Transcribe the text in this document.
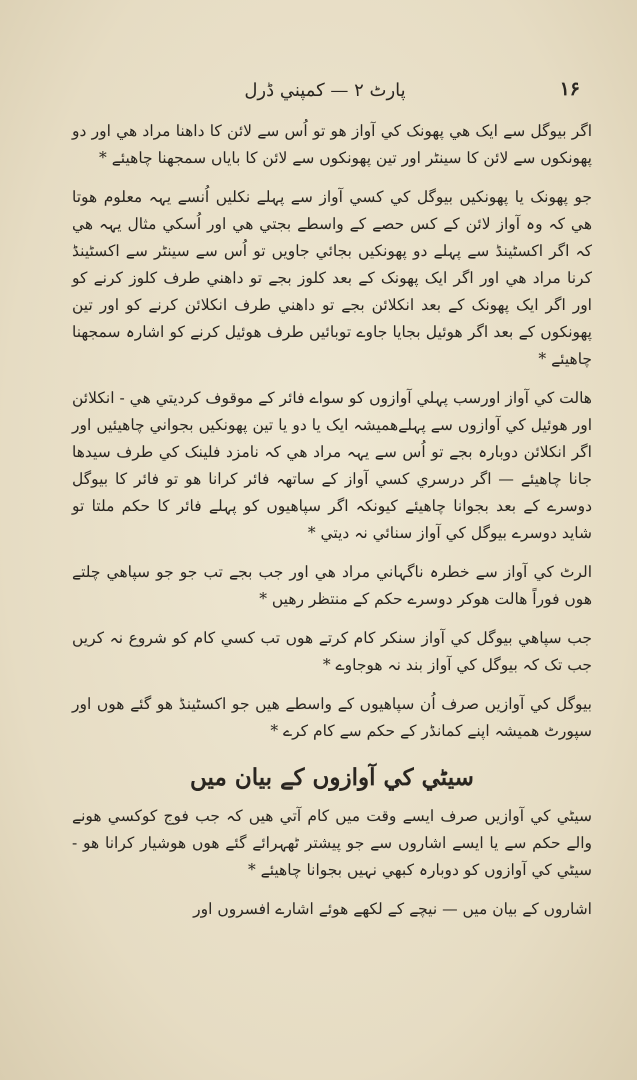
۱۶
پارٹ ۲ — کمپني ڈرل

اگر بیوگل سے ایک هي پھونک کي آواز هو تو اُس سے لائن کا داهنا مراد هي اور دو پھونکوں سے لائن کا سینٹر اور تین پھونکوں سے لائن کا بایاں سمجھنا چاهیئے *

جو پھونک یا پھونکیں بیوگل کي کسي آواز سے پہلے نکلیں اُنسے یہہ معلوم هوتا هي کہ وہ آواز لائن کے کس حصے کے واسطے بجتي هي اور اُسکي مثال یہہ هي کہ اگر اکسٹینڈ سے پہلے دو پھونکیں بجائي جاویں تو اُس سے سینٹر سے اکسٹینڈ کرنا مراد هي اور اگر ایک پھونک کے بعد کلوز بجے تو داهني طرف کلوز کرنے کو اور اگر ایک پھونک کے بعد انکلائن بجے تو داهني طرف انکلائن کرنے کو اور تین پھونکوں کے بعد اگر هوئیل بجایا جاوے توبائیں طرف هوئیل کرنے کو اشارہ سمجھنا چاهیئے *

هالت کي آواز اورسب پہلي آوازوں کو سواے فائر کے موقوف کردیتي هي - انکلائن اور هوئیل کي آوازوں سے پہلےهمیشہ ایک یا دو یا تین پھونکیں بجواني چاهیئیں اور اگر انکلائن دوبارہ بجے تو اُس سے یہہ مراد هي کہ نامزد فلینک کي طرف سیدها جانا چاهیئے — اگر درسري کسي آواز کے ساتھہ فائر کرانا هو تو فائر کا بیوگل دوسرے کے بعد بجوانا چاهیئے کیونکہ اگر سپاهیوں کو پہلے فائر کا حکم ملتا تو شاید دوسرے بیوگل کي آواز سنائي نہ دیتي *

الرٹ کي آواز سے خطرہ ناگہاني مراد هي اور جب بجے تب جو جو سپاهي چلتے هوں فوراً هالت هوکر دوسرے حکم کے منتظر رهیں *

جب سپاهي بیوگل کي آواز سنکر کام کرتے هوں تب کسي کام کو شروع نہ کریں جب تک کہ بیوگل کي آواز بند نہ هوجاوے *

بیوگل کي آوازیں صرف اُن سپاهیوں کے واسطے هیں جو اکسٹینڈ هو گئے هوں اور سپورٹ همیشہ اپنے کمانڈر کے حکم سے کام کرے *

سیٹي کي آوازوں کے بیان میں

سیٹي کي آوازیں صرف ایسے وقت میں کام آتي هیں کہ جب فوج کوکسي هونے والے حکم سے یا ایسے اشاروں سے جو پیشتر ٹھہرائے گئے هوں هوشیار کرانا هو - سیٹي کي آوازوں کو دوبارہ کبھي نہیں بجوانا چاهیئے *

اشاروں کے بیان میں — نیچے کے لکھے هوئے اشارے افسروں اور
